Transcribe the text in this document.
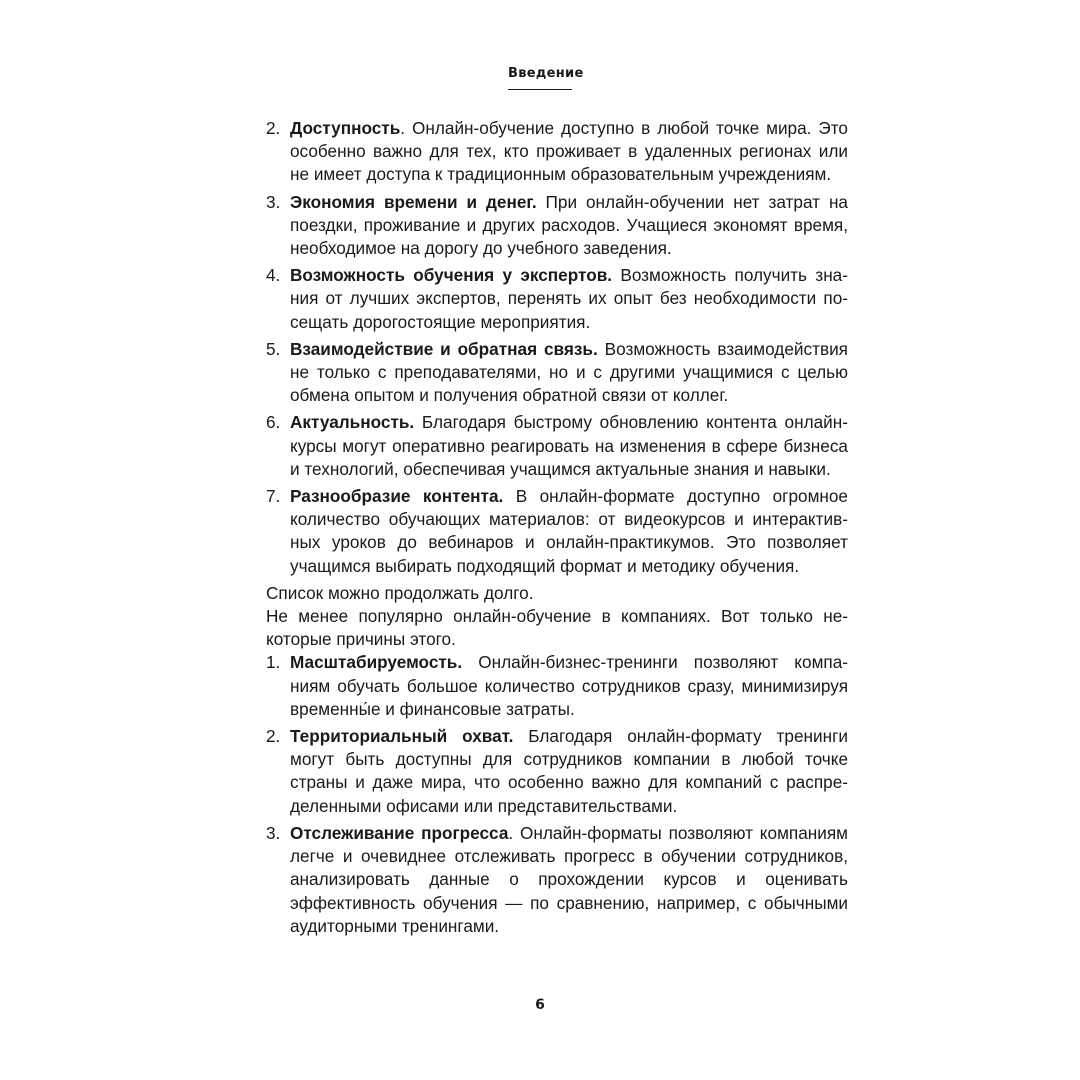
Введение
2. Доступность. Онлайн-обучение доступно в любой точке мира. Это особенно важно для тех, кто проживает в удаленных регионах или не имеет доступа к традиционным образовательным учреждениям.
3. Экономия времени и денег. При онлайн-обучении нет затрат на поездки, проживание и других расходов. Учащиеся экономят время, необходимое на дорогу до учебного заведения.
4. Возможность обучения у экспертов. Возможность получить знания от лучших экспертов, перенять их опыт без необходимости посещать дорогостоящие мероприятия.
5. Взаимодействие и обратная связь. Возможность взаимодействия не только с преподавателями, но и с другими учащимися с целью обмена опытом и получения обратной связи от коллег.
6. Актуальность. Благодаря быстрому обновлению контента онлайн-курсы могут оперативно реагировать на изменения в сфере бизнеса и технологий, обеспечивая учащимся актуальные знания и навыки.
7. Разнообразие контента. В онлайн-формате доступно огромное количество обучающих материалов: от видеокурсов и интерактивных уроков до вебинаров и онлайн-практикумов. Это позволяет учащимся выбирать подходящий формат и методику обучения.

Список можно продолжать долго.

Не менее популярно онлайн-обучение в компаниях. Вот только некоторые причины этого.

1. Масштабируемость. Онлайн-бизнес-тренинги позволяют компаниям обучать большое количество сотрудников сразу, минимизируя временны́е и финансовые затраты.
2. Территориальный охват. Благодаря онлайн-формату тренинги могут быть доступны для сотрудников компании в любой точке страны и даже мира, что особенно важно для компаний с распределенными офисами или представительствами.
3. Отслеживание прогресса. Онлайн-форматы позволяют компаниям легче и очевиднее отслеживать прогресс в обучении сотрудников, анализировать данные о прохождении курсов и оценивать эффективность обучения — по сравнению, например, с обычными аудиторными тренингами.
6
